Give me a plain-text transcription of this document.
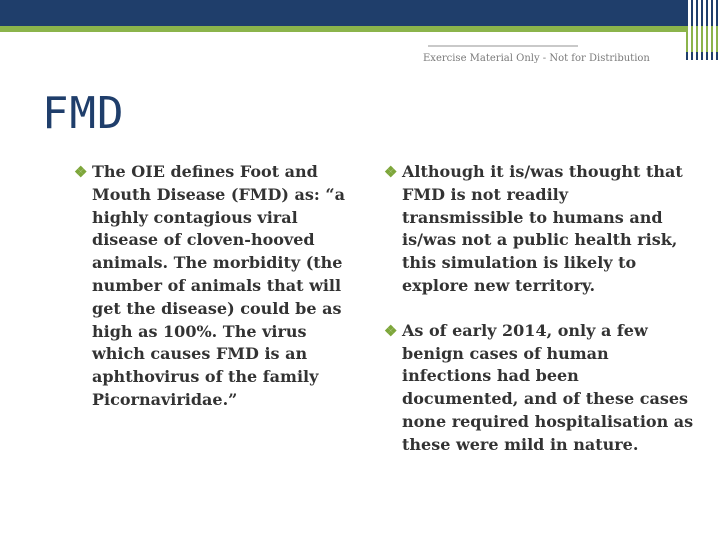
Exercise Material Only - Not for Distribution
FMD

❖ The OIE defines Foot and Mouth Disease (FMD) as: “a highly contagious viral disease of cloven-hooved animals. The morbidity (the number of animals that will get the disease) could be as high as 100%. The virus which causes FMD is an aphthovirus of the family Picornaviridae.”

❖ Although it is/was thought that FMD is not readily transmissible to humans and is/was not a public health risk, this simulation is likely to explore new territory.

❖ As of early 2014, only a few benign cases of human infections had been documented, and of these cases none required hospitalisation as these were mild in nature.
